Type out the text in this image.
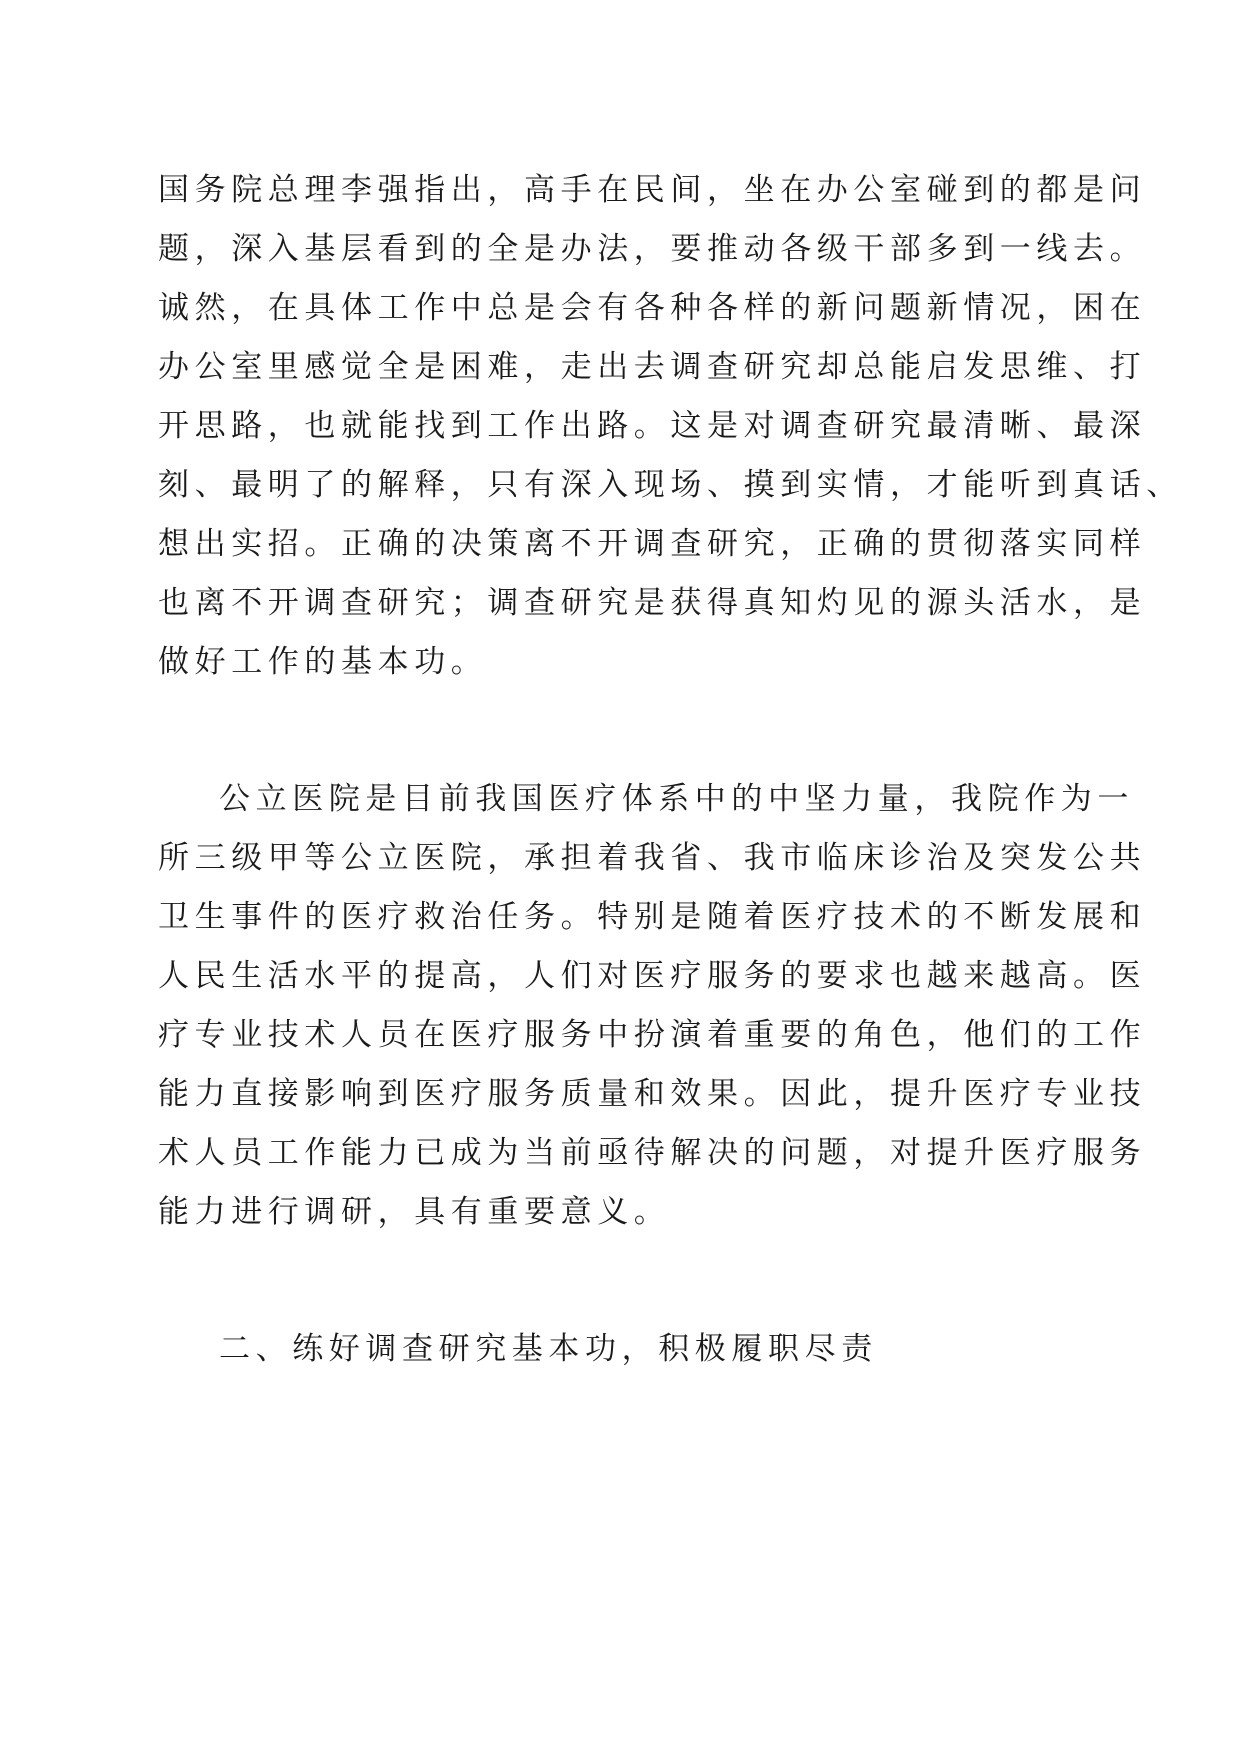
国务院总理李强指出，高手在民间，坐在办公室碰到的都是问

题，深入基层看到的全是办法，要推动各级干部多到一线去。

诚然，在具体工作中总是会有各种各样的新问题新情况，困在

办公室里感觉全是困难，走出去调查研究却总能启发思维、打

开思路，也就能找到工作出路。这是对调查研究最清晰、最深

刻、最明了的解释，只有深入现场、摸到实情，才能听到真话、

想出实招。正确的决策离不开调查研究，正确的贯彻落实同样

也离不开调查研究；调查研究是获得真知灼见的源头活水，是

做好工作的基本功。

公立医院是目前我国医疗体系中的中坚力量，我院作为一

所三级甲等公立医院，承担着我省、我市临床诊治及突发公共

卫生事件的医疗救治任务。特别是随着医疗技术的不断发展和

人民生活水平的提高，人们对医疗服务的要求也越来越高。医

疗专业技术人员在医疗服务中扮演着重要的角色，他们的工作

能力直接影响到医疗服务质量和效果。因此，提升医疗专业技

术人员工作能力已成为当前亟待解决的问题，对提升医疗服务

能力进行调研，具有重要意义。

二、练好调查研究基本功，积极履职尽责
